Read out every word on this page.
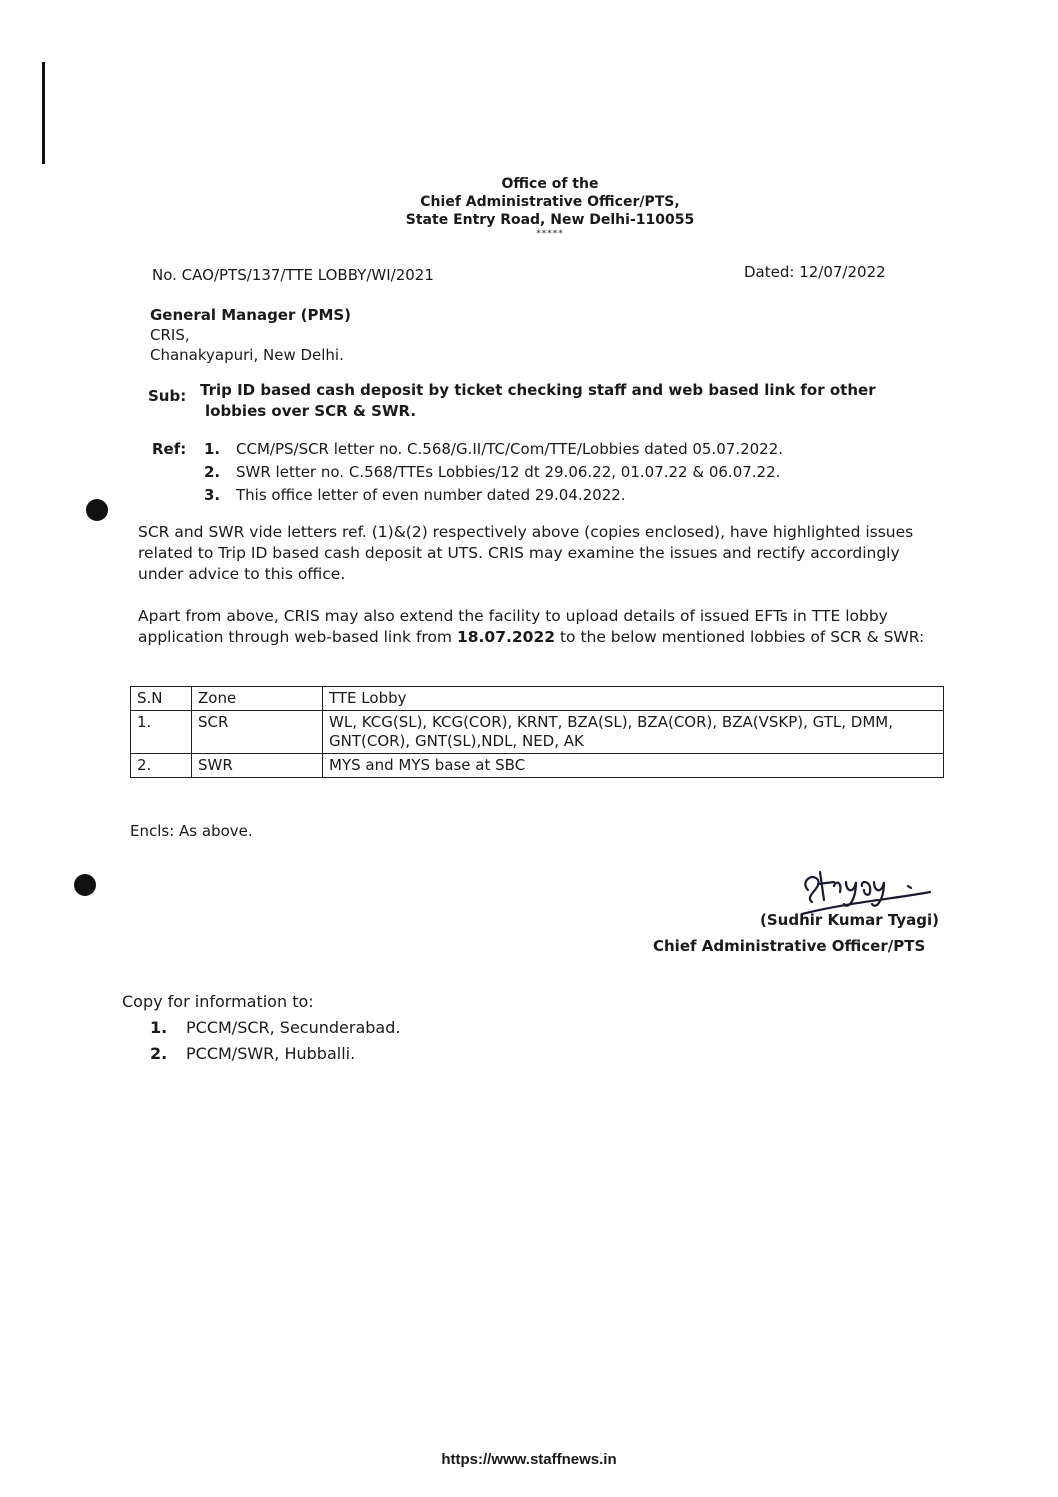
Office of the
Chief Administrative Officer/PTS,
State Entry Road, New Delhi-110055
*****
No. CAO/PTS/137/TTE LOBBY/WI/2021	Dated: 12/07/2022
General Manager (PMS)
CRIS,
Chanakyapuri, New Delhi.
Sub: Trip ID based cash deposit by ticket checking staff and web based link for other
lobbies over SCR & SWR.
Ref:	1.	CCM/PS/SCR letter no. C.568/G.II/TC/Com/TTE/Lobbies dated 05.07.2022.
2.	SWR letter no. C.568/TTEs Lobbies/12 dt 29.06.22, 01.07.22 & 06.07.22.
3.	This office letter of even number dated 29.04.2022.
SCR and SWR vide letters ref. (1)&(2) respectively above (copies enclosed), have highlighted issues related to Trip ID based cash deposit at UTS. CRIS may examine the issues and rectify accordingly under advice to this office.
Apart from above, CRIS may also extend the facility to upload details of issued EFTs in TTE lobby application through web-based link from 18.07.2022 to the below mentioned lobbies of SCR & SWR:
S.N	Zone	TTE Lobby
1.	SCR	WL, KCG(SL), KCG(COR), KRNT, BZA(SL), BZA(COR), BZA(VSKP), GTL, DMM, GNT(COR), GNT(SL),NDL, NED, AK
2.	SWR	MYS and MYS base at SBC
Encls: As above.
(Sudhir Kumar Tyagi)
Chief Administrative Officer/PTS
Copy for information to:
1. PCCM/SCR, Secunderabad.
2. PCCM/SWR, Hubballi.
https://www.staffnews.in
